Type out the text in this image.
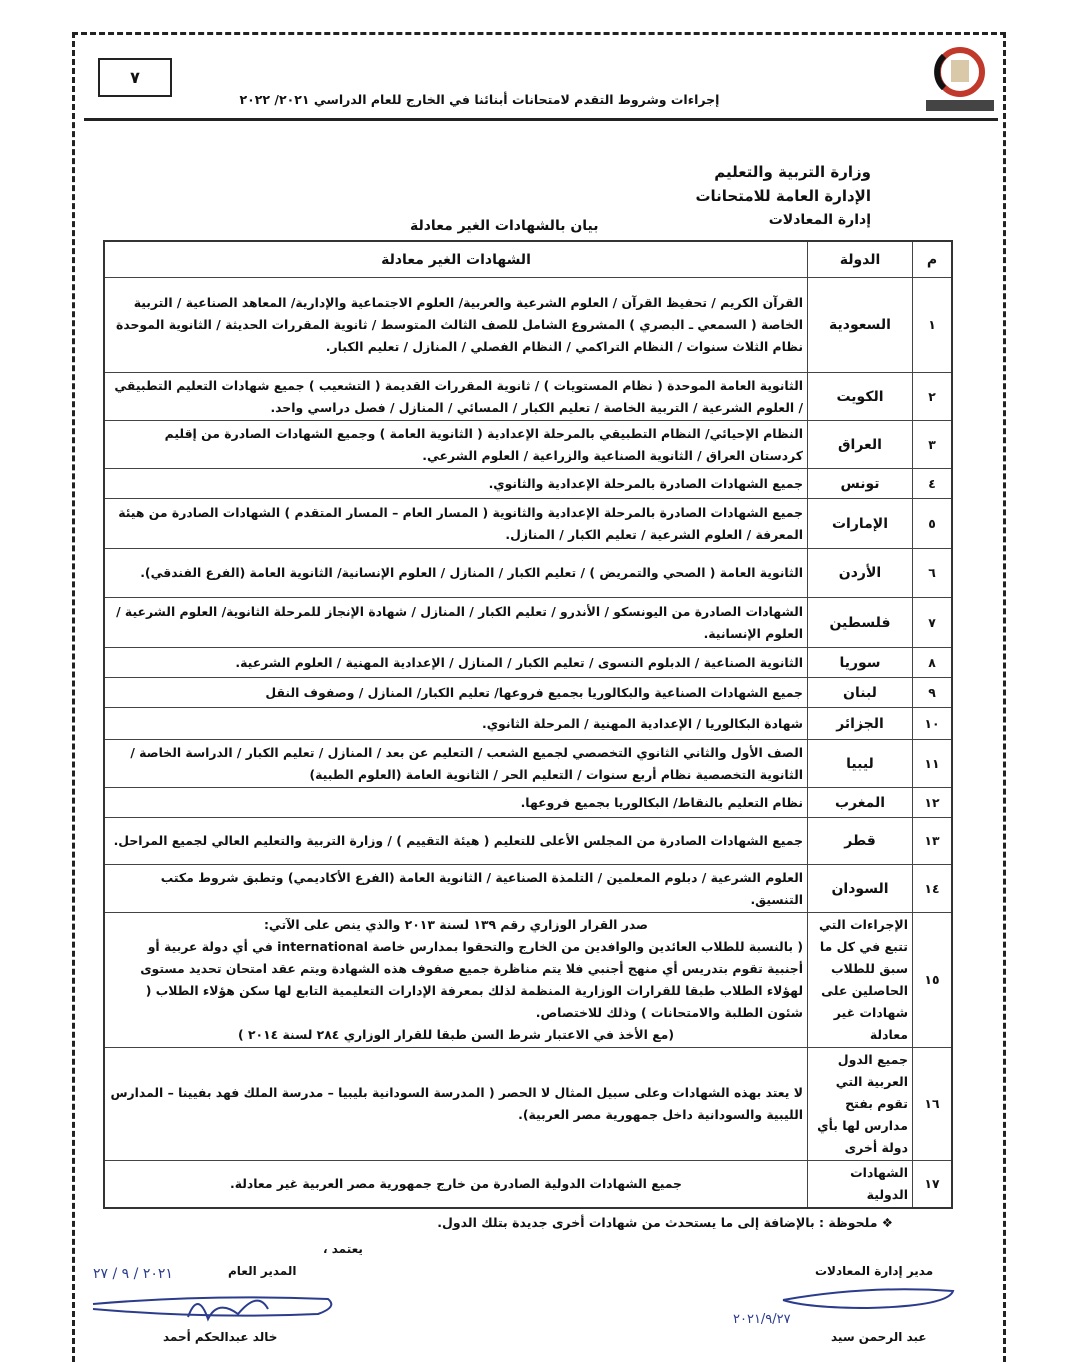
٧
إجراءات وشروط التقدم لامتحانات أبنائنا في الخارج للعام الدراسي ٢٠٢١/ ٢٠٢٢
وزارة التربية والتعليم
الإدارة العامة للامتحانات
إدارة المعادلات
بيان بالشهادات الغير معادلة
م	الدولة	الشهادات الغير معادلة
١	السعودية	القرآن الكريم / تحفيظ القرآن / العلوم الشرعية والعربية/ العلوم الاجتماعية والإدارية/ المعاهد الصناعية / التربية الخاصة ( السمعي ـ البصري ) المشروع الشامل للصف الثالث المتوسط / ثانوية المقررات الحديثة / الثانوية الموحدة نظام الثلاث سنوات / النظام التراكمي / النظام الفصلي / المنازل / تعليم الكبار.

٢	الكويت	الثانوية العامة الموحدة ( نظام المستويات ) / ثانوية المقررات القديمة ( التشعيب ) جميع شهادات التعليم التطبيقي / العلوم الشرعية / التربية الخاصة / تعليم الكبار / المسائي / المنازل / فصل دراسي واحد.

٣	العراق	النظام الإحيائي/ النظام التطبيقي بالمرحلة الإعدادية ( الثانوية العامة ) وجميع الشهادات الصادرة من إقليم كردستان العراق / الثانوية الصناعية والزراعية / العلوم الشرعي.

٤	تونس	جميع الشهادات الصادرة بالمرحلة الإعدادية والثانوي.

٥	الإمارات	جميع الشهادات الصادرة بالمرحلة الإعدادية والثانوية ( المسار العام – المسار المتقدم ) الشهادات الصادرة من هيئة المعرفة / العلوم الشرعية / تعليم الكبار / المنازل.

٦	الأردن	الثانوية العامة ( الصحي والتمريض ) / تعليم الكبار / المنازل / العلوم الإنسانية/ الثانوية العامة (الفرع الفندقي).

٧	فلسطين	الشهادات الصادرة من اليونسكو / الأندرو / تعليم الكبار / المنازل / شهادة الإنجاز للمرحلة الثانوية/ العلوم الشرعية / العلوم الإنسانية.

٨	سوريا	الثانوية الصناعية / الدبلوم النسوى / تعليم الكبار / المنازل / الإعدادية المهنية / العلوم الشرعية.

٩	لبنان	جميع الشهادات الصناعية والبكالوريا بجميع فروعها/ تعليم الكبار/ المنازل / وصفوف النقل

١٠	الجزائر	شهادة البكالوريا / الإعدادية المهنية / المرحلة الثانوي.

١١	ليبيا	الصف الأول والثاني الثانوي التخصصي لجميع الشعب / التعليم عن بعد / المنازل / تعليم الكبار / الدراسة الخاصة / الثانوية التخصصية نظام أربع سنوات / التعليم الحر / الثانوية العامة (العلوم الطبية)

١٢	المغرب	نظام التعليم بالنقاط/ البكالوريا بجميع فروعها.

١٣	قطر	جميع الشهادات الصادرة من المجلس الأعلى للتعليم ( هيئة التقييم ) / وزارة التربية والتعليم العالي لجميع المراحل.

١٤	السودان	العلوم الشرعية / دبلوم المعلمين / التلمذة الصناعية / الثانوية العامة (الفرع الأكاديمي) وتطبق شروط مكتب التنسيق.

١٥	الإجراءات التي تتبع في كل ما سبق للطلاب الحاصلين على شهادات غير معادلة	صدر القرار الوزاري رقم ١٣٩ لسنة ٢٠١٣ والذي ينص على الآتي:
( بالنسبة للطلاب العائدين والوافدين من الخارج والتحقوا بمدارس خاصة international في أي دولة عربية أو أجنبية تقوم بتدريس أي منهج أجنبي فلا يتم مناظرة جميع صفوف هذه الشهادة ويتم عقد امتحان تحديد مستوى لهؤلاء الطلاب طبقا للقرارات الوزارية المنظمة لذلك بمعرفة الإدارات التعليمية التابع لها سكن هؤلاء الطلاب ( شئون الطلبة والامتحانات ) وذلك للاختصاص.
(مع الأخذ في الاعتبار شرط السن طبقا للقرار الوزاري ٢٨٤ لسنة ٢٠١٤ )

١٦	جميع الدول العربية التي تقوم بفتح مدارس لها بأي دولة أخرى	لا يعتد بهذه الشهادات وعلى سبيل المثال لا الحصر ( المدرسة السودانية بليبيا – مدرسة الملك فهد بفيينا – المدارس الليبية والسودانية داخل جمهورية مصر العربية).

١٧	الشهادات الدولية	جميع الشهادات الدولية الصادرة من خارج جمهورية مصر العربية غير معادلة.
❖ ملحوظة : بالإضافة إلى ما يستحدث من شهادات أخرى جديدة بتلك الدول.
يعتمد ،
المدير العام
٢٠٢١ / ٩ / ٢٧
خالد عبدالحكم أحمد
مدير إدارة المعادلات
٢٠٢١/٩/٢٧
عبد الرحمن سيد
